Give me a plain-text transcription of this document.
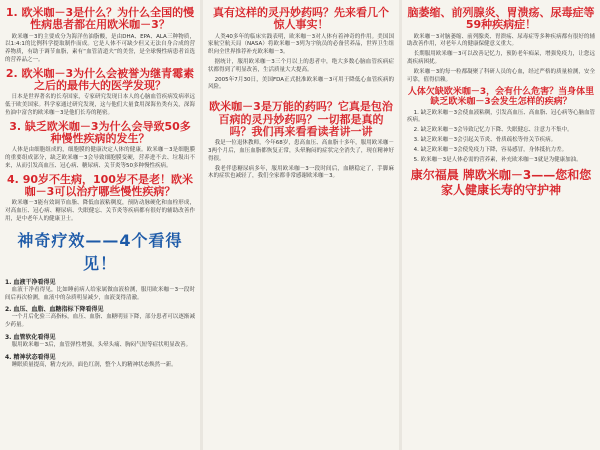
1. 欧米咖－3是什么？为什么全国的慢性病患者都在用欧米咖－3？

欧米咖－3的主要成分为海洋鱼油脂酸，是由DHA、EPA、ALA三种物质，以1:4:1的比例科学提取制作而成。它是人体不可缺少但又无法自身合成的营养物质，有助于调节血脂，素有“血管清道夫”的美誉，是全球慢性病患者首选的营养品之一。

2. 欧米咖－3为什么会被誉为继青霉素之后的最伟大的医学发现？

日本是世界著名的长寿国家，专家研究发现日本人的心脑血管疾病发病率远低于欧美国家。科学家通过研究发现，这与他们大量食用深海鱼类有关，深海鱼油中富含的欧米咖－3是他们长寿的秘密。

3. 缺乏欧米咖－3为什么会导致50多种慢性疾病的发生？

人体是由细胞组成的，细胞膜的健康决定人体的健康。欧米咖－3是细胞膜的重要组成部分，缺乏欧米咖－3会导致细胞膜变硬，营养进不去、垃圾出不来，从而引发高血压、冠心病、糖尿病、关节炎等50多种慢性疾病。

4. 90岁不生病，100岁不是老！欧米咖－3可以治疗哪些慢性疾病？

欧米咖－3能有效调节血脂、降低血液粘稠度，预防动脉硬化和血栓形成，对高血压、冠心病、糖尿病、失眠健忘、关节炎等疾病都有很好的辅助改善作用，是中老年人的健康卫士。

神奇疗效——4个看得见！
1. 血液干净看得见

血液干净看得见，比如睡前病人给家属做血液检测，服用欧米咖－3一段时间后再次检测，血液中的杂质明显减少，血液变得清澈。

2. 血压、血脂、血糖指标下降看得见

一个月后化验三高指标，血压、血脂、血糖明显下降，部分患者可以逐渐减少药量。

3. 血管软化看得见

服用欧米咖－3后，血管弹性增强，头晕头痛、胸闷气短等症状明显改善。

4. 精神状态看得见

睡眠质量提高，精力充沛，面色红润，整个人的精神状态焕然一新。

真有这样的灵丹妙药吗？先来看几个惊人事实！

人类40多年的临床实践表明，欧米咖－3对人体有着神奇的作用。美国国家航空航天局（NASA）将欧米咖－3列为宇航员的必备营养品，世界卫生组织向全世界推荐补充欧米咖－3。

据统计，服用欧米咖－3三个月以上的患者中，绝大多数心脑血管疾病症状都得到了明显改善，生活质量大大提高。

2005年7月30日，美国FDA正式批准欧米咖－3可用于降低心血管疾病的风险。

欧米咖－3是万能的药吗？它真是包治百病的灵丹妙药吗？一切都是真的吗？我们再来看看读者讲一讲

我是一位退休教师，今年68岁，患高血压、高血脂十多年，服用欧米咖－3两个月后，血压血脂都恢复正常，头晕胸闷的症状完全消失了，现在精神好得很。

我老伴患糖尿病多年，服用欧米咖－3一段时间后，血糖稳定了，手脚麻木的症状也减轻了，我们全家都非常感谢欧米咖－3。

脑萎缩、前列腺炎、胃溃疡、尿毒症等59种疾病症！

欧米咖－3对脑萎缩、前列腺炎、胃溃疡、尿毒症等多种疾病都有很好的辅助改善作用，对老年人的健康保健意义重大。

长期服用欧米咖－3可以改善记忆力，预防老年痴呆，增强免疫力，让您远离疾病困扰。

欧米咖－3的每一粒都凝聚了科研人员的心血，经过严格的质量检测，安全可靠，值得信赖。

人体欠缺欧米咖－3，会有什么危害？当身体里缺乏欧米咖－3会发生怎样的疾病？

1. 缺乏欧米咖－3会使血液粘稠，引发高血压、高血脂、冠心病等心脑血管疾病。

2. 缺乏欧米咖－3会导致记忆力下降、失眠健忘、注意力不集中。

3. 缺乏欧米咖－3会引起关节炎、骨质疏松等骨关节疾病。

4. 缺乏欧米咖－3会使免疫力下降，容易感冒，身体抵抗力差。

5. 欧米咖－3是人体必需的营养素，补充欧米咖－3就是为健康加油。

康尔福晨 牌欧米咖－3——您和您家人健康长寿的守护神
